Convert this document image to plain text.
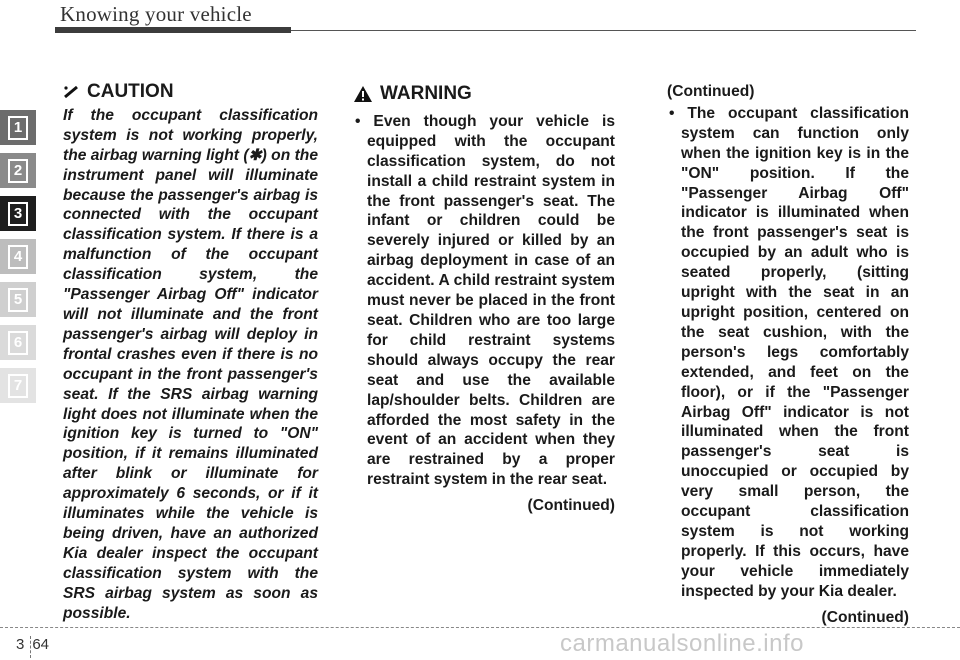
Knowing your vehicle
1
2
3
4
5
6
7
CAUTION
If the occupant classification system is not working properly, the airbag warning light (✱) on the instrument panel will illuminate because the passenger's airbag is connected with the occupant classification system. If there is a malfunction of the occupant classification system, the "Passenger Airbag Off" indicator will not illuminate and the front passenger's airbag will deploy in frontal crashes even if there is no occupant in the front passenger's seat. If the SRS airbag warning light does not illuminate when the ignition key is turned to "ON" position, if it remains illuminated after blink or illuminate for approximately 6 seconds, or if it illuminates while the vehicle is being driven, have an authorized Kia dealer inspect the occupant classification system with the SRS airbag system as soon as possible.
WARNING
• Even though your vehicle is equipped with the occupant classification system, do not install a child restraint system in the front passenger's seat. The infant or children could be severely injured or killed by an airbag deployment in case of an accident. A child restraint system must never be placed in the front seat. Children who are too large for child restraint systems should always occupy the rear seat and use the available lap/shoulder belts. Children are afforded the most safety in the event of an accident when they are restrained by a proper restraint system in the rear seat.
(Continued)
(Continued)
• The occupant classification system can function only when the ignition key is in the "ON" position. If the "Passenger Airbag Off" indicator is illuminated when the front passenger's seat is occupied by an adult who is seated properly, (sitting upright with the seat in an upright position, centered on the seat cushion, with the person's legs comfortably extended, and feet on the floor), or if the "Passenger Airbag Off" indicator is not illuminated when the front passenger's seat is unoccupied or occupied by very small person, the occupant classification system is not working properly. If this occurs, have your vehicle immediately inspected by your Kia dealer.
(Continued)
3 64	carmanualsonline.info
